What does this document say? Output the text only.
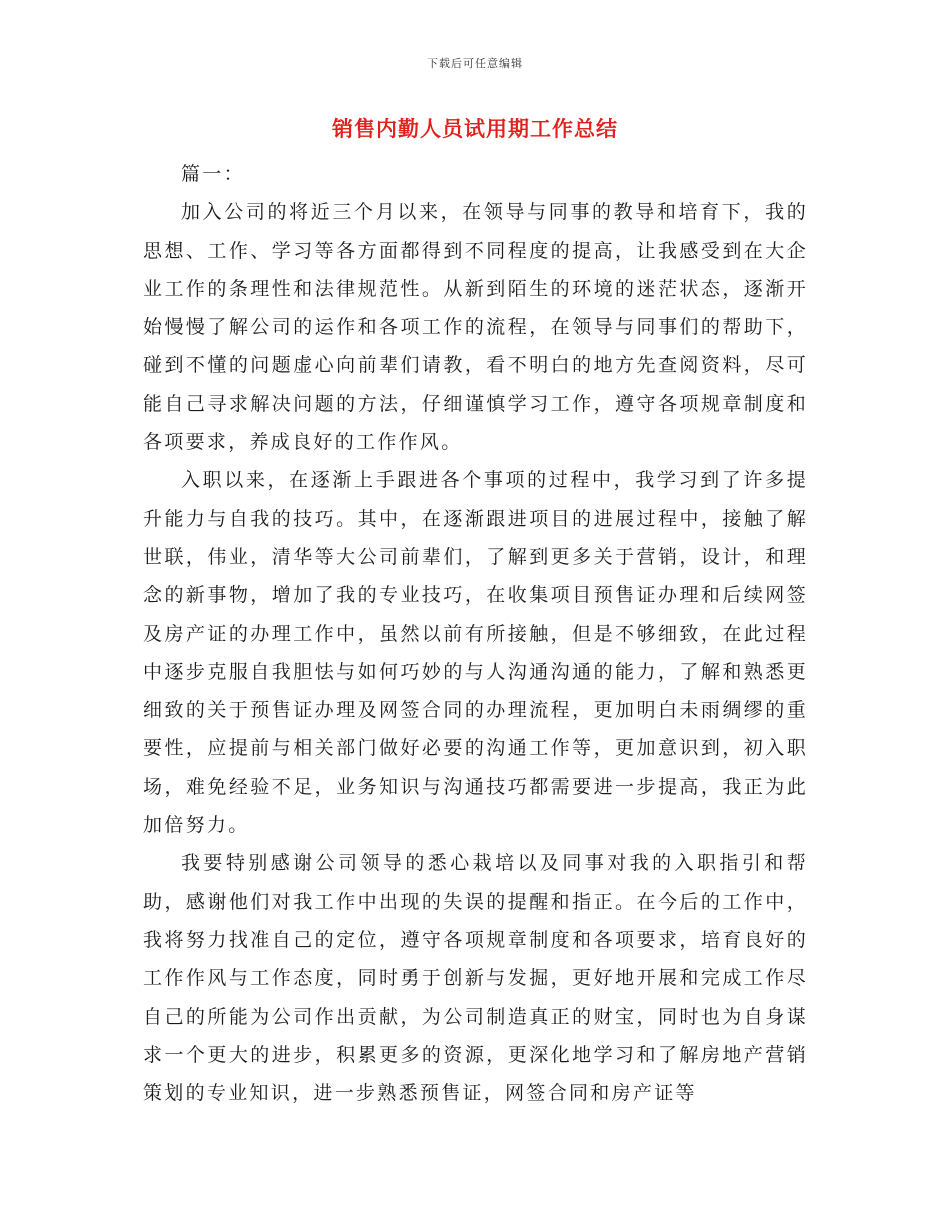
下载后可任意编辑
销售内勤人员试用期工作总结

篇一：

加入公司的将近三个月以来，在领导与同事的教导和培育下，我的思想、工作、学习等各方面都得到不同程度的提高，让我感受到在大企业工作的条理性和法律规范性。从新到陌生的环境的迷茫状态，逐渐开始慢慢了解公司的运作和各项工作的流程，在领导与同事们的帮助下，碰到不懂的问题虚心向前辈们请教，看不明白的地方先查阅资料，尽可能自己寻求解决问题的方法，仔细谨慎学习工作，遵守各项规章制度和各项要求，养成良好的工作作风。

入职以来，在逐渐上手跟进各个事项的过程中，我学习到了许多提升能力与自我的技巧。其中，在逐渐跟进项目的进展过程中，接触了解世联，伟业，清华等大公司前辈们，了解到更多关于营销，设计，和理念的新事物，增加了我的专业技巧，在收集项目预售证办理和后续网签及房产证的办理工作中，虽然以前有所接触，但是不够细致，在此过程中逐步克服自我胆怯与如何巧妙的与人沟通沟通的能力，了解和熟悉更细致的关于预售证办理及网签合同的办理流程，更加明白未雨绸缪的重要性，应提前与相关部门做好必要的沟通工作等，更加意识到，初入职场，难免经验不足，业务知识与沟通技巧都需要进一步提高，我正为此加倍努力。

我要特别感谢公司领导的悉心栽培以及同事对我的入职指引和帮助，感谢他们对我工作中出现的失误的提醒和指正。在今后的工作中，我将努力找准自己的定位，遵守各项规章制度和各项要求，培育良好的工作作风与工作态度，同时勇于创新与发掘，更好地开展和完成工作尽自己的所能为公司作出贡献，为公司制造真正的财宝，同时也为自身谋求一个更大的进步，积累更多的资源，更深化地学习和了解房地产营销策划的专业知识，进一步熟悉预售证，网签合同和房产证等
